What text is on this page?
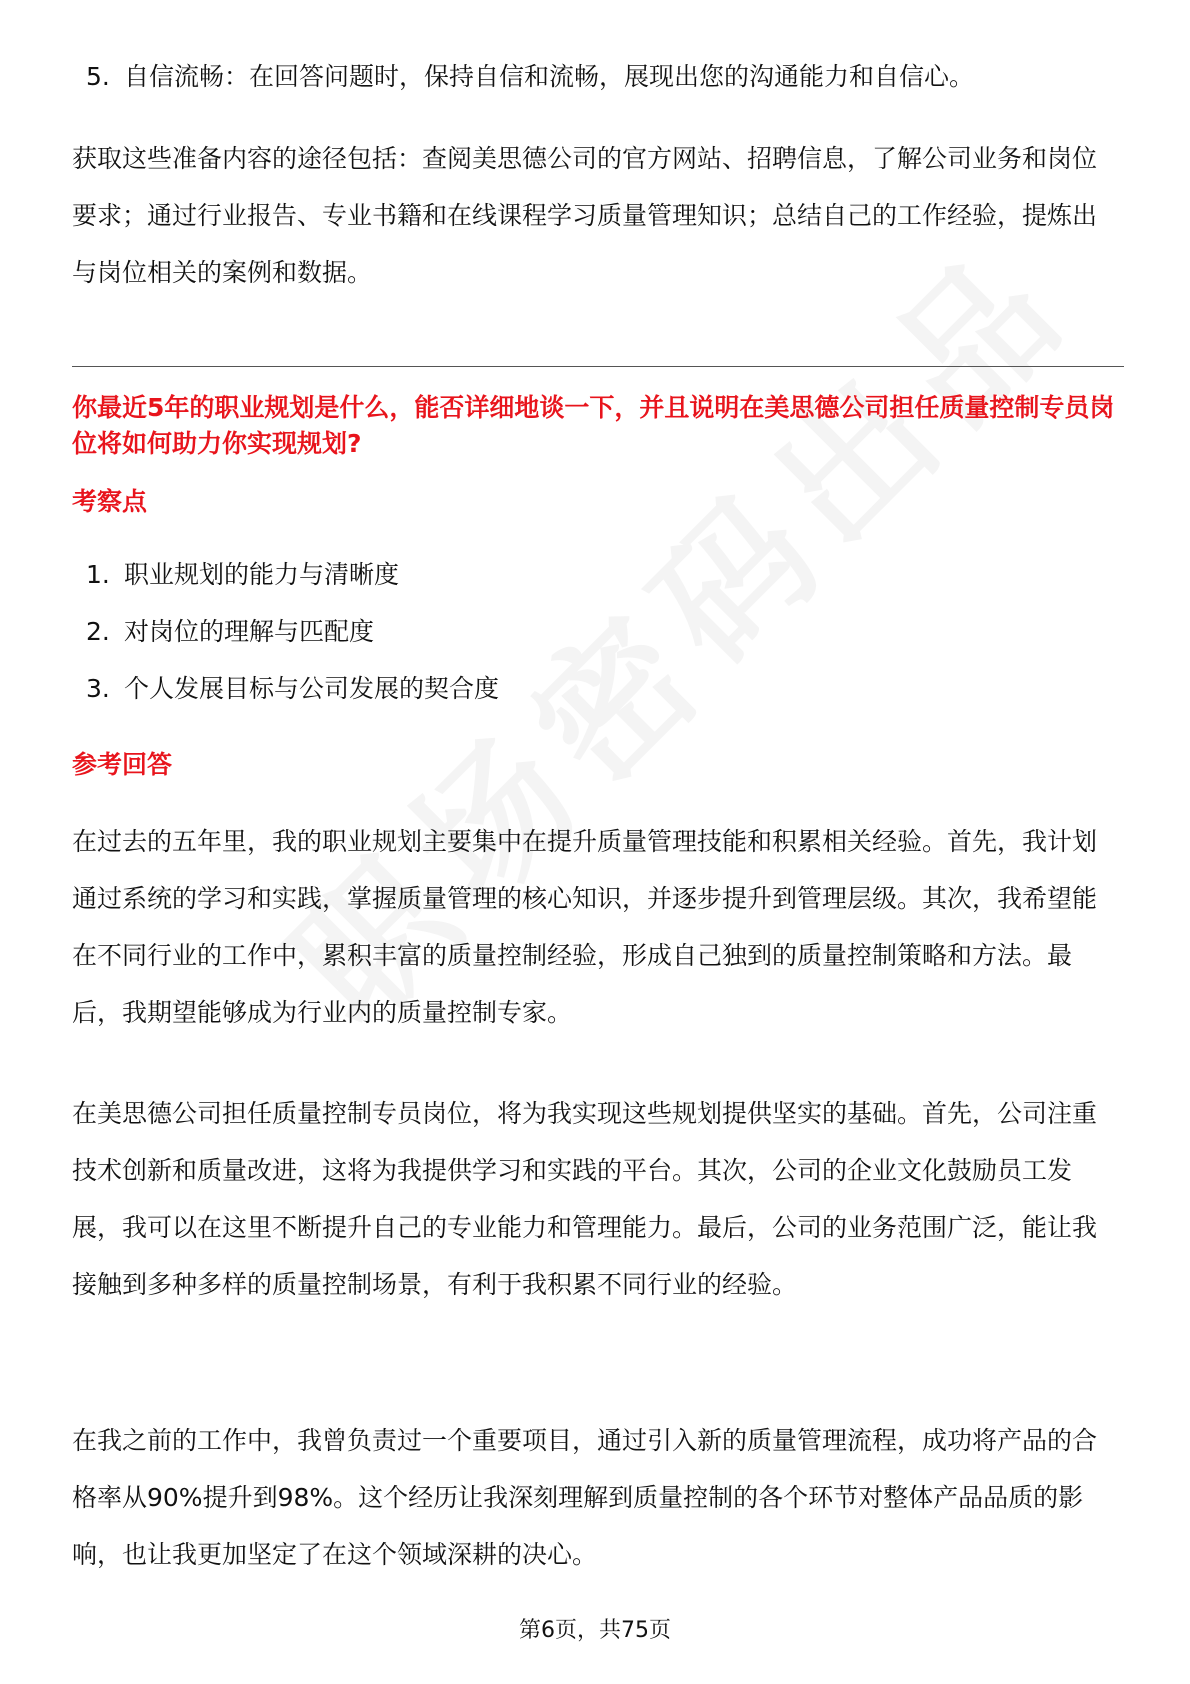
5. 自信流畅：在回答问题时，保持自信和流畅，展现出您的沟通能力和自信心。
获取这些准备内容的途径包括：查阅美思德公司的官方网站、招聘信息，了解公司业务和岗位要求；通过行业报告、专业书籍和在线课程学习质量管理知识；总结自己的工作经验，提炼出与岗位相关的案例和数据。
你最近5年的职业规划是什么，能否详细地谈一下，并且说明在美思德公司担任质量控制专员岗位将如何助力你实现规划?
考察点
1. 职业规划的能力与清晰度
2. 对岗位的理解与匹配度
3. 个人发展目标与公司发展的契合度
参考回答
在过去的五年里，我的职业规划主要集中在提升质量管理技能和积累相关经验。首先，我计划通过系统的学习和实践，掌握质量管理的核心知识，并逐步提升到管理层级。其次，我希望能在不同行业的工作中，累积丰富的质量控制经验，形成自己独到的质量控制策略和方法。最后，我期望能够成为行业内的质量控制专家。
在美思德公司担任质量控制专员岗位，将为我实现这些规划提供坚实的基础。首先，公司注重技术创新和质量改进，这将为我提供学习和实践的平台。其次，公司的企业文化鼓励员工发展，我可以在这里不断提升自己的专业能力和管理能力。最后，公司的业务范围广泛，能让我接触到多种多样的质量控制场景，有利于我积累不同行业的经验。
在我之前的工作中，我曾负责过一个重要项目，通过引入新的质量管理流程，成功将产品的合格率从90%提升到98%。这个经历让我深刻理解到质量控制的各个环节对整体产品品质的影响，也让我更加坚定了在这个领域深耕的决心。
第6页，共75页
